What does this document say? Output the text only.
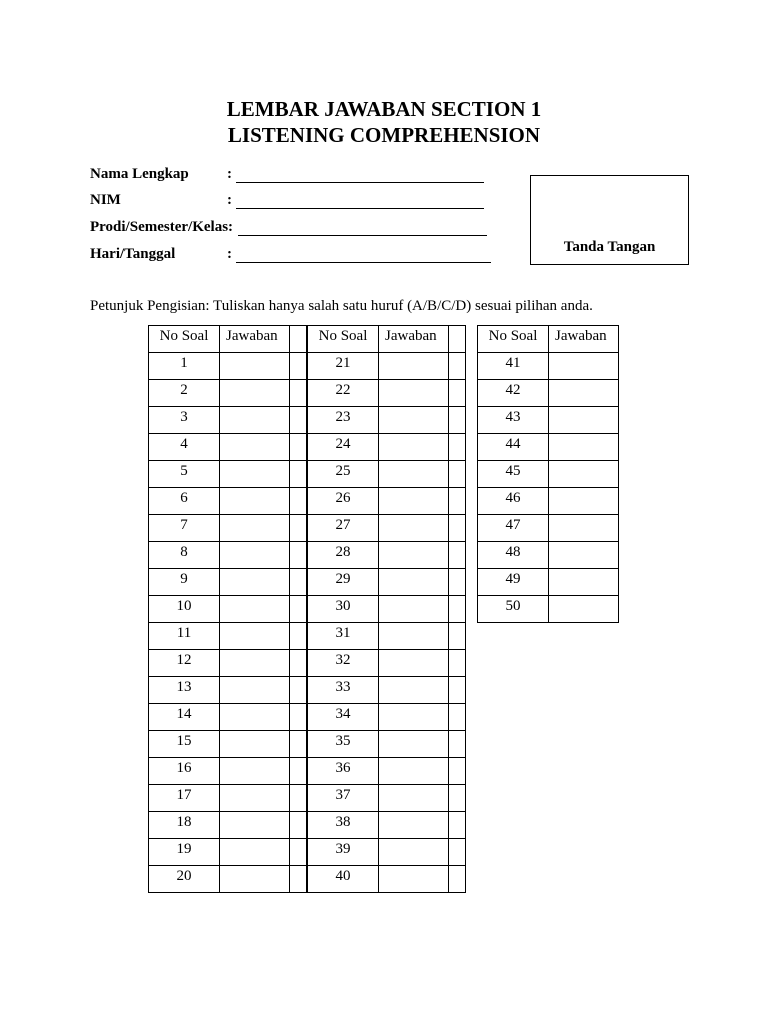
LEMBAR JAWABAN SECTION 1
LISTENING COMPREHENSION
Nama Lengkap	:
NIM	:
Prodi/Semester/Kelas:
Hari/Tanggal	:	Tanda Tangan
Petunjuk Pengisian: Tuliskan hanya salah satu huruf (A/B/C/D) sesuai pilihan anda.
No Soal	Jawaban	
1		
2		
3		
4		
5		
6		
7		
8		
9		
10		
11		
12		
13		
14		
15		
16		
17		
18		
19		
20		
No Soal	Jawaban	
21		
22		
23		
24		
25		
26		
27		
28		
29		
30		
31		
32		
33		
34		
35		
36		
37		
38		
39		
40		
No Soal	Jawaban
41	
42	
43	
44	
45	
46	
47	
48	
49	
50	
